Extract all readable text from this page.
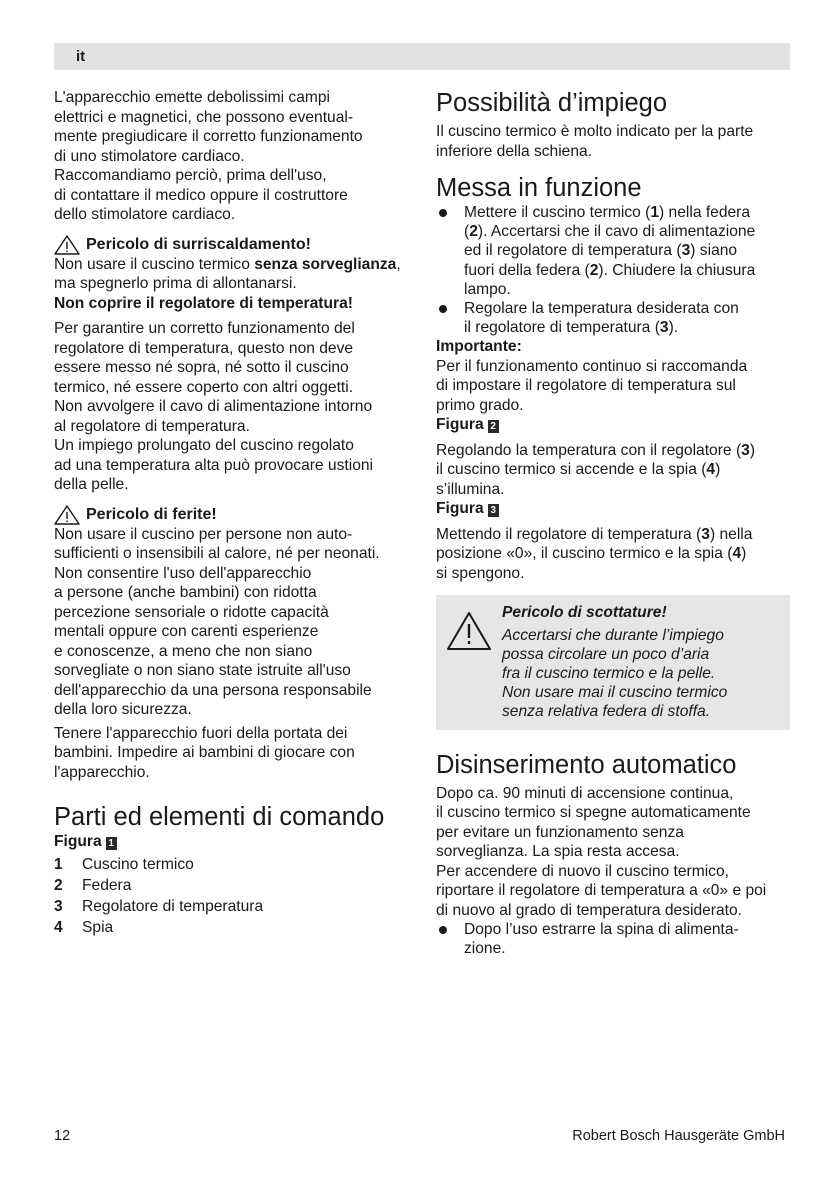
it

L'apparecchio emette debolissimi campi
elettrici e magnetici, che possono eventual-
mente pregiudicare il corretto funzionamento
di uno stimolatore cardiaco.
Raccomandiamo perciò, prima dell'uso,
di contattare il medico oppure il costruttore
dello stimolatore cardiaco.

Pericolo di surriscaldamento!

Non usare il cuscino termico senza sorveglianza, ma spegnerlo prima di allontanarsi.

Non coprire il regolatore di temperatura!

Per garantire un corretto funzionamento del
regolatore di temperatura, questo non deve
essere messo né sopra, né sotto il cuscino
termico, né essere coperto con altri oggetti.
Non avvolgere il cavo di alimentazione intorno
al regolatore di temperatura.
Un impiego prolungato del cuscino regolato
ad una temperatura alta può provocare ustioni
della pelle.

Pericolo di ferite!

Non usare il cuscino per persone non auto-
sufficienti o insensibili al calore, né per neonati.
Non consentire l'uso dell'apparecchio
a persone (anche bambini) con ridotta
percezione sensoriale o ridotte capacità
mentali oppure con carenti esperienze
e conoscenze, a meno che non siano
sorvegliate o non siano state istruite all'uso
dell'apparecchio da una persona responsabile
della loro sicurezza.

Tenere l'apparecchio fuori della portata dei
bambini. Impedire ai bambini di giocare con
l'apparecchio.

Parti ed elementi di comando

Figura 1

1	Cuscino termico
2	Federa
3	Regolatore di temperatura
4	Spia
Possibilità d’impiego

Il cuscino termico è molto indicato per la parte
inferiore della schiena.

Messa in funzione
Mettere il cuscino termico (1) nella federa
(2). Accertarsi che il cavo di alimentazione
ed il regolatore di temperatura (3) siano
fuori della federa (2). Chiudere la chiusura
lampo.
Regolare la temperatura desiderata con
il regolatore di temperatura (3).

Importante:

Per il funzionamento continuo si raccomanda
di impostare il regolatore di temperatura sul
primo grado.

Figura 2

Regolando la temperatura con il regolatore (3)
il cuscino termico si accende e la spia (4)
s’illumina.

Figura 3

Mettendo il regolatore di temperatura (3) nella
posizione «0», il cuscino termico e la spia (4)
si spengono.

Pericolo di scottature!
Accertarsi che durante l’impiego
possa circolare un poco d’aria
fra il cuscino termico e la pelle.
Non usare mai il cuscino termico
senza relativa federa di stoffa.
Disinserimento automatico

Dopo ca. 90 minuti di accensione continua,
il cuscino termico si spegne automaticamente
per evitare un funzionamento senza
sorveglianza. La spia resta accesa.
Per accendere di nuovo il cuscino termico,
riportare il regolatore di temperatura a «0» e poi
di nuovo al grado di temperatura desiderato.

Dopo l’uso estrarre la spina di alimenta-
zione.
12	Robert Bosch Hausgeräte GmbH
